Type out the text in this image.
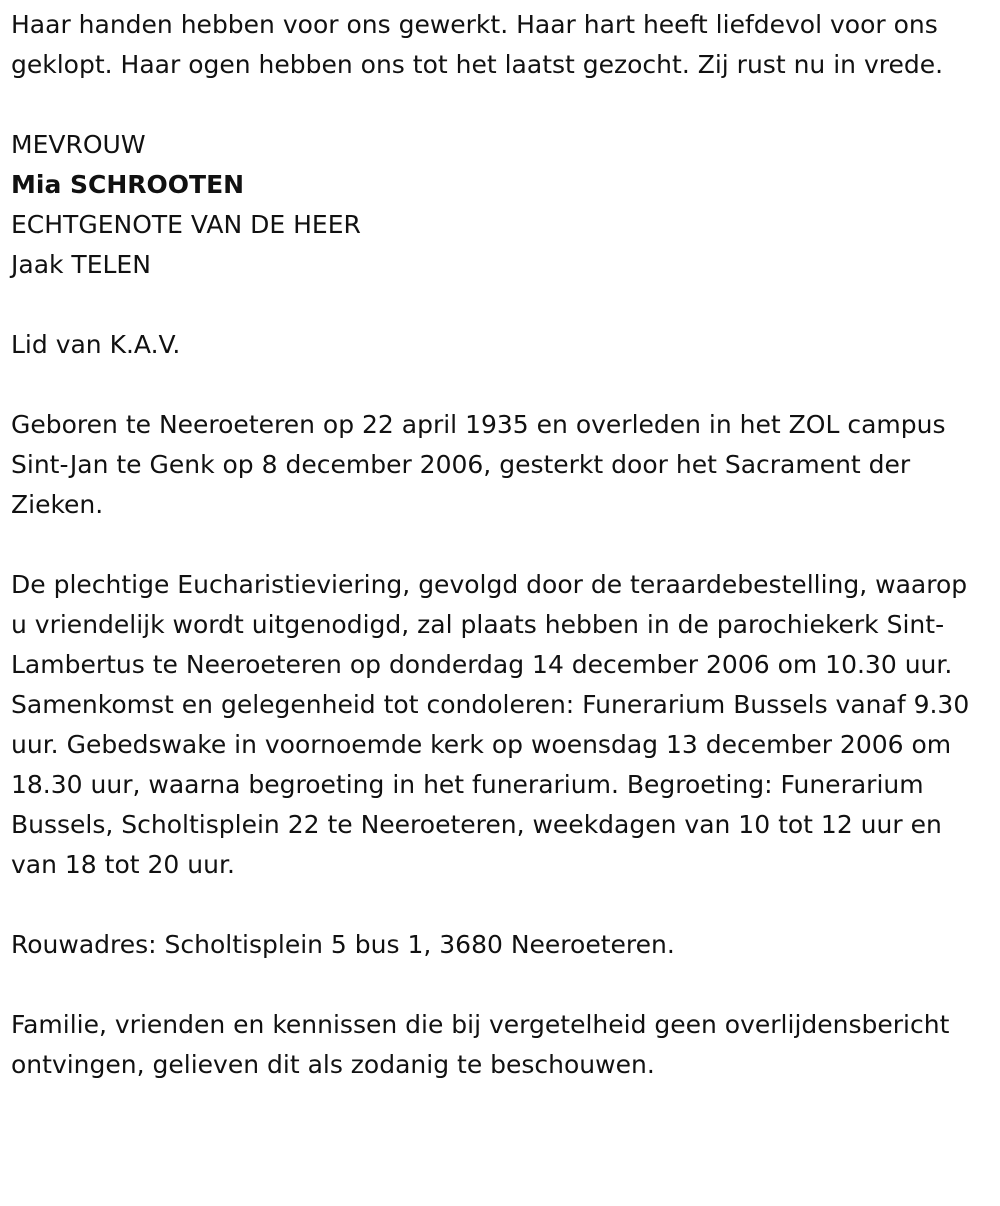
Haar handen hebben voor ons gewerkt. Haar hart heeft liefdevol voor ons geklopt. Haar ogen hebben ons tot het laatst gezocht. Zij rust nu in vrede.

MEVROUW

Mia SCHROOTEN

ECHTGENOTE VAN DE HEER

Jaak TELEN

Lid van K.A.V.

Geboren te Neeroeteren op 22 april 1935 en overleden in het ZOL campus Sint-Jan te Genk op 8 december 2006, gesterkt door het Sacrament der Zieken.

De plechtige Eucharistieviering, gevolgd door de teraardebestelling, waarop u vriendelijk wordt uitgenodigd, zal plaats hebben in de parochiekerk Sint-Lambertus te Neeroeteren op donderdag 14 december 2006 om 10.30 uur. Samenkomst en gelegenheid tot condoleren: Funerarium Bussels vanaf 9.30 uur. Gebedswake in voornoemde kerk op woensdag 13 december 2006 om 18.30 uur, waarna begroeting in het funerarium. Begroeting: Funerarium Bussels, Scholtisplein 22 te Neeroeteren, weekdagen van 10 tot 12 uur en van 18 tot 20 uur.

Rouwadres: Scholtisplein 5 bus 1, 3680 Neeroeteren.

Familie, vrienden en kennissen die bij vergetelheid geen overlijdensbericht ontvingen, gelieven dit als zodanig te beschouwen.
